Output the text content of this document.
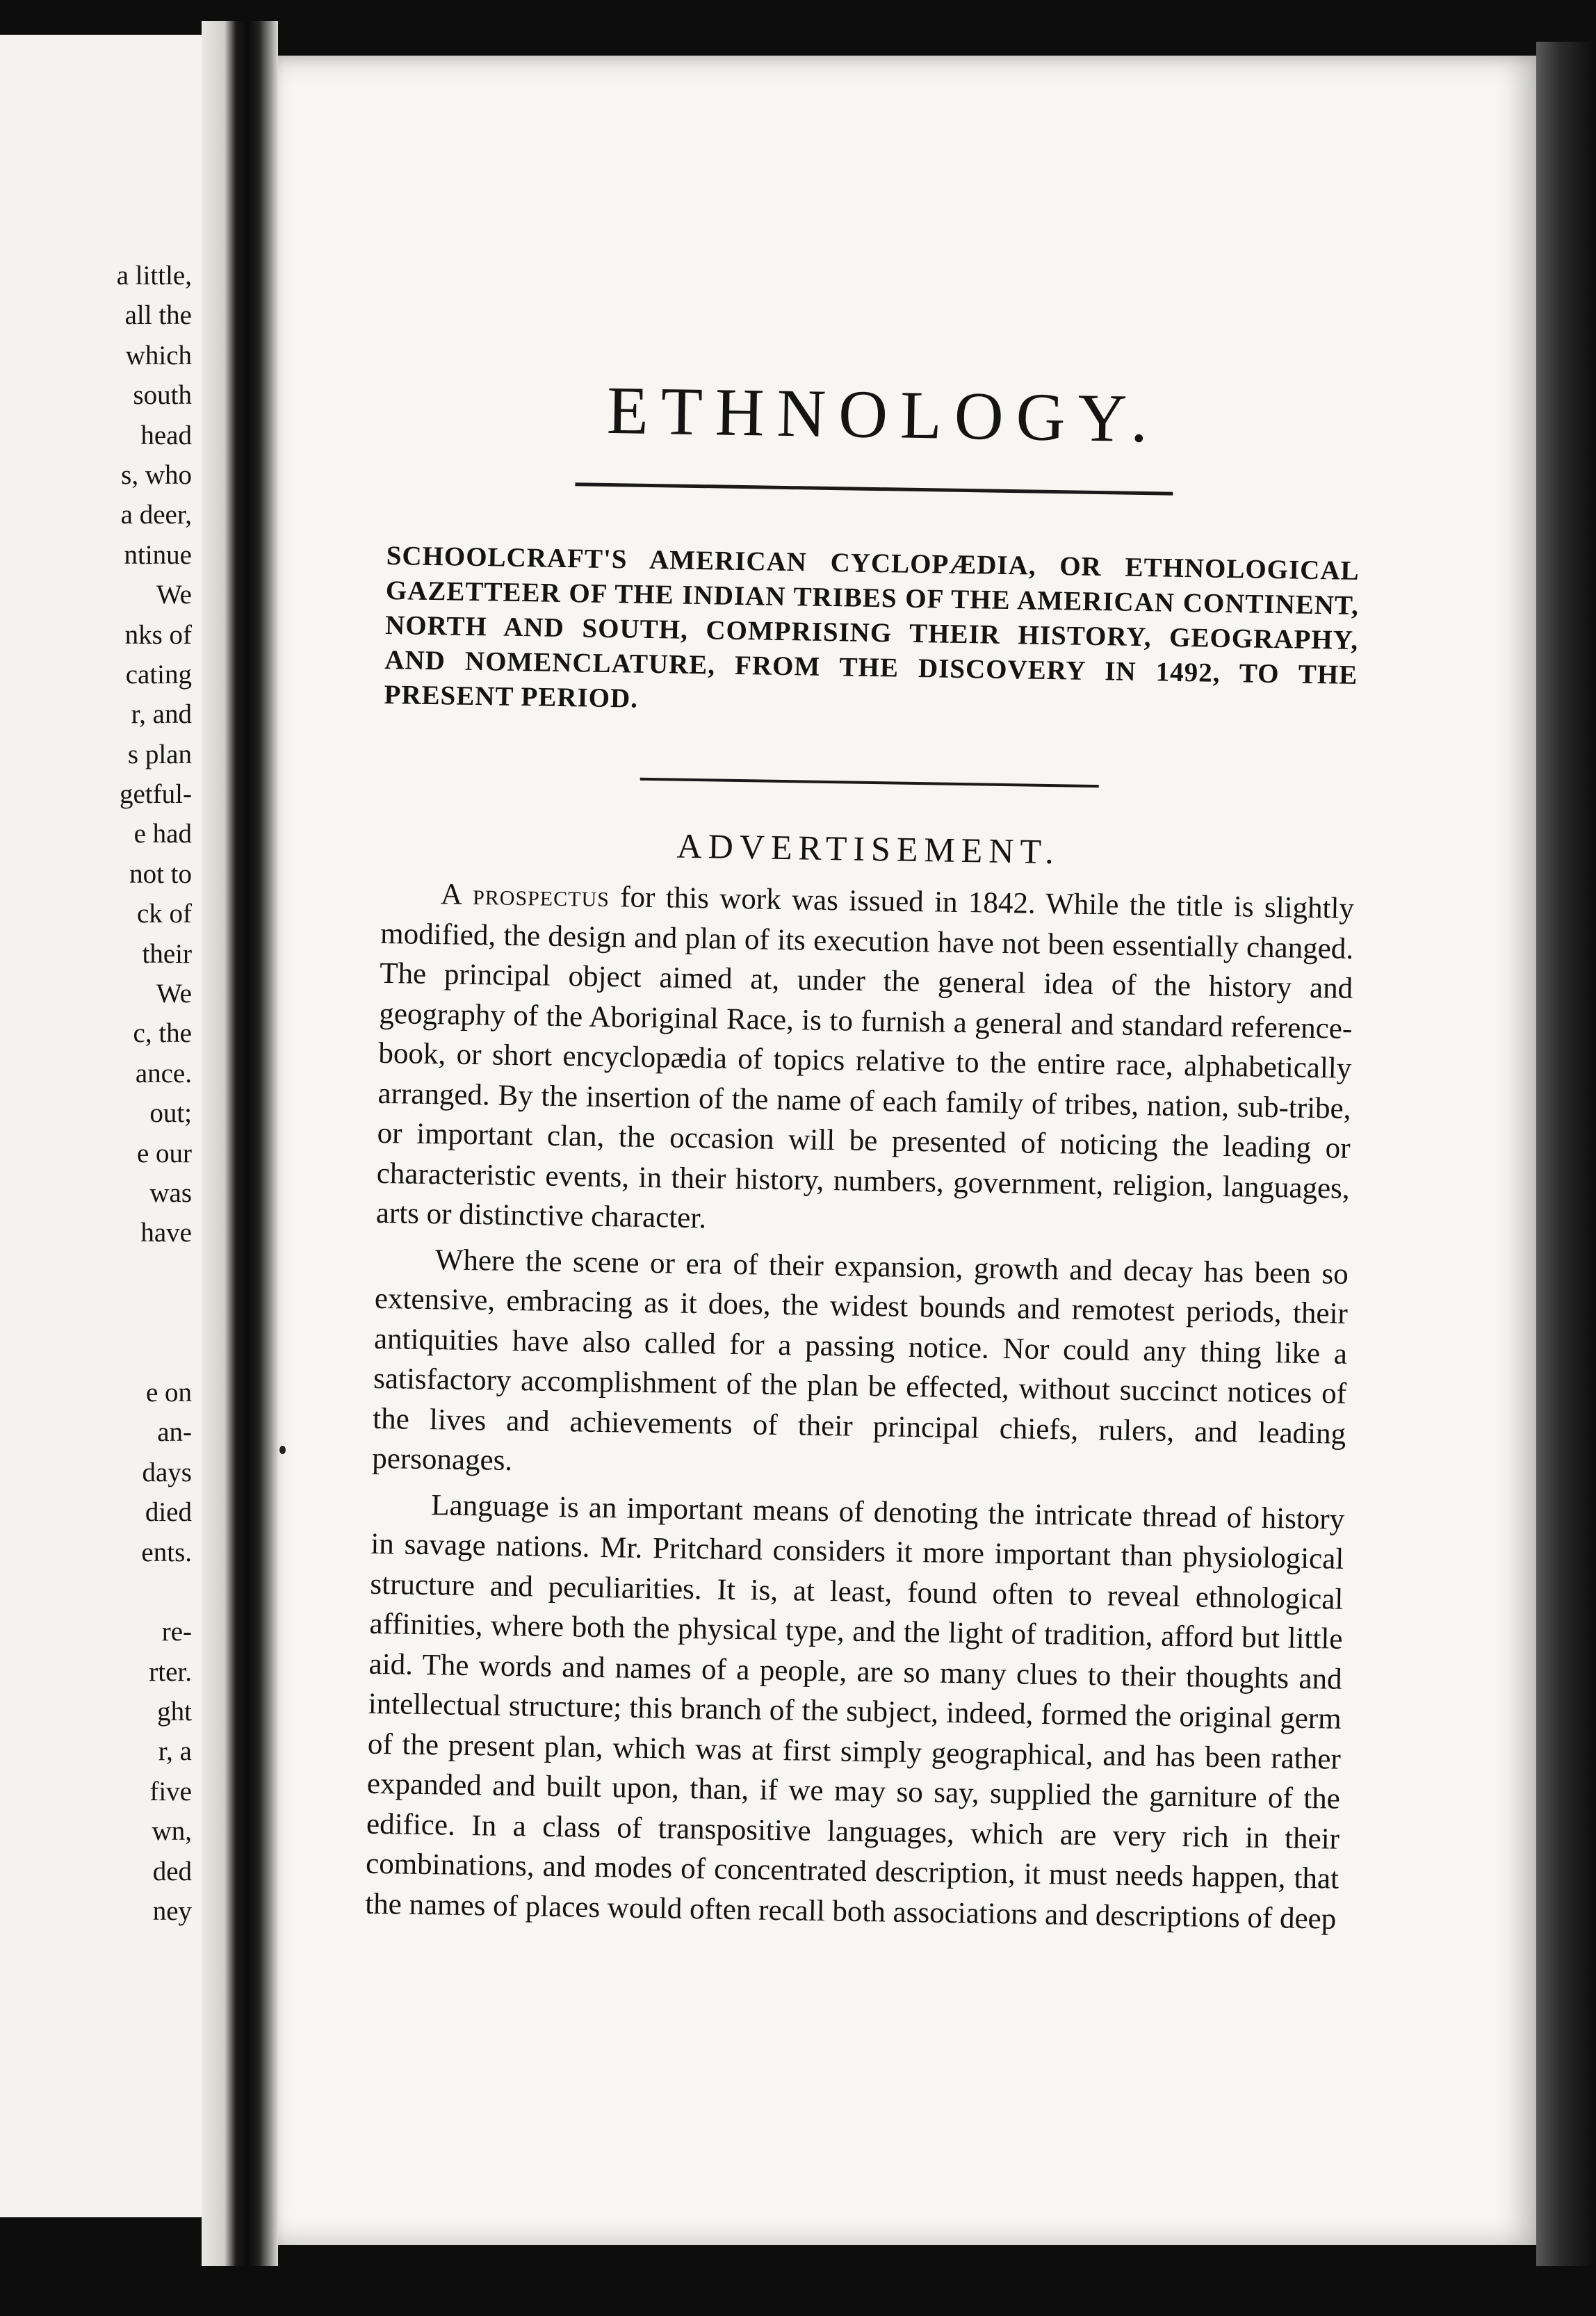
a little,
all the
which
south
head
s, who
a deer,
ntinue
We
nks of
cating
r, and
s plan
getful-
e had
not to
ck of
their
We
c, the
ance.
out;
e our
was
have
e on
an-
days
died
ents.
re-
rter.
ght
r, a
five
wn,
ded
ney
ETHNOLOGY.

SCHOOLCRAFT'S AMERICAN CYCLOPÆDIA, OR ETHNOLOGICAL GAZETTEER OF THE INDIAN TRIBES OF THE AMERICAN CONTINENT, NORTH AND SOUTH, COMPRISING THEIR HISTORY, GEOGRAPHY, AND NOMENCLATURE, FROM THE DISCOVERY IN 1492, TO THE PRESENT PERIOD.

ADVERTISEMENT.

A prospectus for this work was issued in 1842. While the title is slightly modified, the design and plan of its execution have not been essentially changed. The principal object aimed at, under the general idea of the history and geography of the Aboriginal Race, is to furnish a general and standard reference-book, or short encyclopædia of topics relative to the entire race, alphabetically arranged. By the insertion of the name of each family of tribes, nation, sub-tribe, or important clan, the occasion will be presented of noticing the leading or characteristic events, in their history, numbers, government, religion, languages, arts or distinctive character.

Where the scene or era of their expansion, growth and decay has been so extensive, embracing as it does, the widest bounds and remotest periods, their antiquities have also called for a passing notice. Nor could any thing like a satisfactory accomplishment of the plan be effected, without succinct notices of the lives and achievements of their principal chiefs, rulers, and leading personages.

Language is an important means of denoting the intricate thread of history in savage nations. Mr. Pritchard considers it more important than physiological structure and peculiarities. It is, at least, found often to reveal ethnological affinities, where both the physical type, and the light of tradition, afford but little aid. The words and names of a people, are so many clues to their thoughts and intellectual structure; this branch of the subject, indeed, formed the original germ of the present plan, which was at first simply geographical, and has been rather expanded and built upon, than, if we may so say, supplied the garniture of the edifice. In a class of transpositive languages, which are very rich in their combinations, and modes of concentrated description, it must needs happen, that the names of places would often recall both associations and descriptions of deep
